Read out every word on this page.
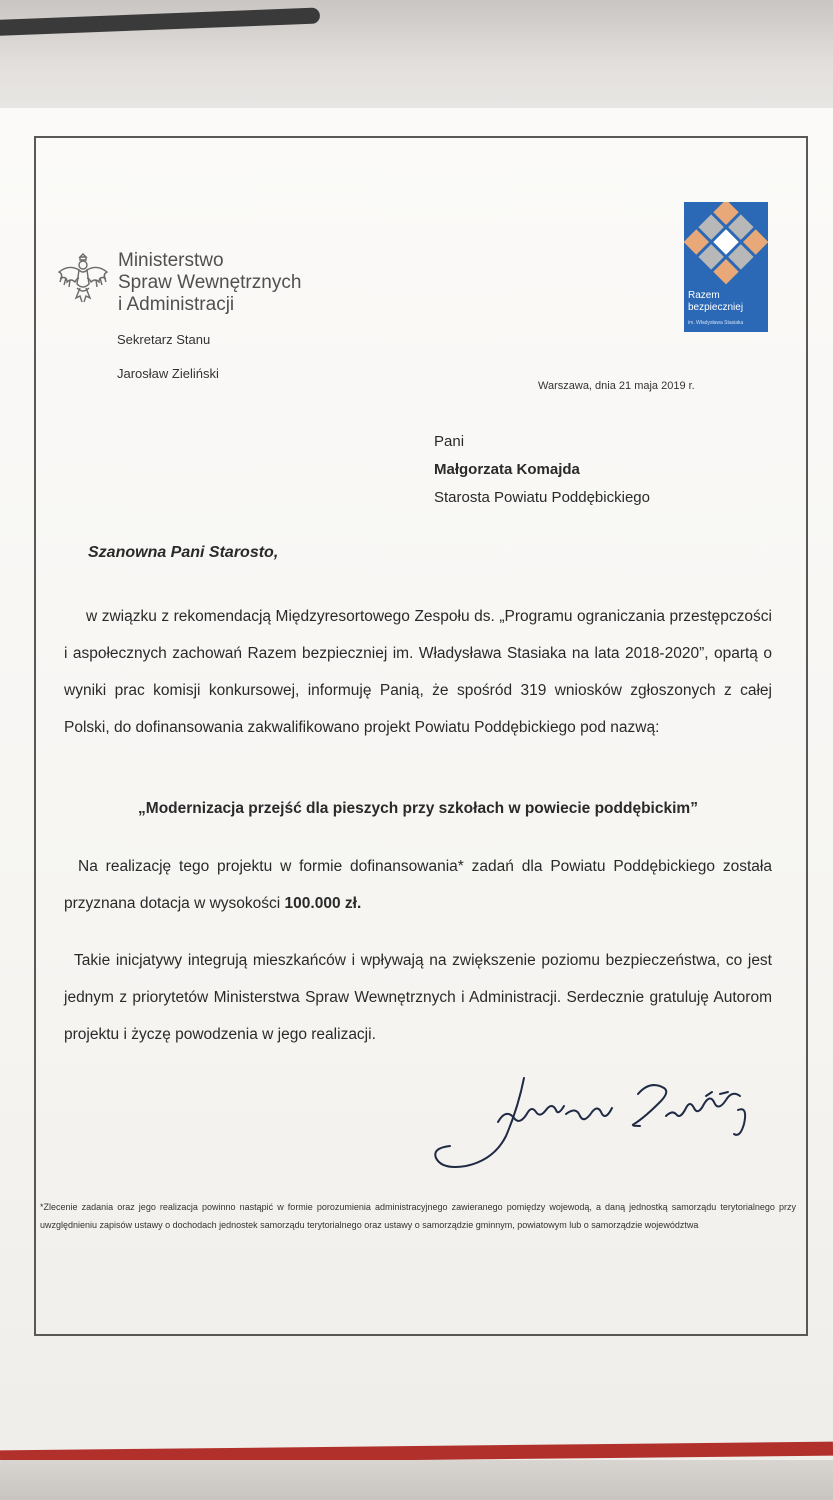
Ministerstwo
Spraw Wewnętrznych
i Administracji
Sekretarz Stanu
Jarosław Zieliński
Razem
bezpieczniej
im. Władysława Stasiaka
Warszawa, dnia 21 maja 2019 r.
Pani
Małgorzata Komajda
Starosta Powiatu Poddębickiego
Szanowna Pani Starosto,
w związku z rekomendacją Międzyresortowego Zespołu ds. „Programu ograniczania przestępczości i aspołecznych zachowań Razem bezpieczniej im. Władysława Stasiaka na lata 2018-2020”, opartą o wyniki prac komisji konkursowej, informuję Panią, że spośród 319 wniosków zgłoszonych z całej Polski, do dofinansowania zakwalifikowano projekt Powiatu Poddębickiego pod nazwą:
„Modernizacja przejść dla pieszych przy szkołach w powiecie poddębickim”
Na realizację tego projektu w formie dofinansowania* zadań dla Powiatu Poddębickiego została przyznana dotacja w wysokości 100.000 zł.
Takie inicjatywy integrują mieszkańców i wpływają na zwiększenie poziomu bezpieczeństwa, co jest jednym z priorytetów Ministerstwa Spraw Wewnętrznych i Administracji. Serdecznie gratuluję Autorom projektu i życzę powodzenia w jego realizacji.
*Zlecenie zadania oraz jego realizacja powinno nastąpić w formie porozumienia administracyjnego zawieranego pomiędzy wojewodą, a daną jednostką samorządu terytorialnego przy uwzględnieniu zapisów ustawy o dochodach jednostek samorządu terytorialnego oraz ustawy o samorządzie gminnym, powiatowym lub o samorządzie województwa
